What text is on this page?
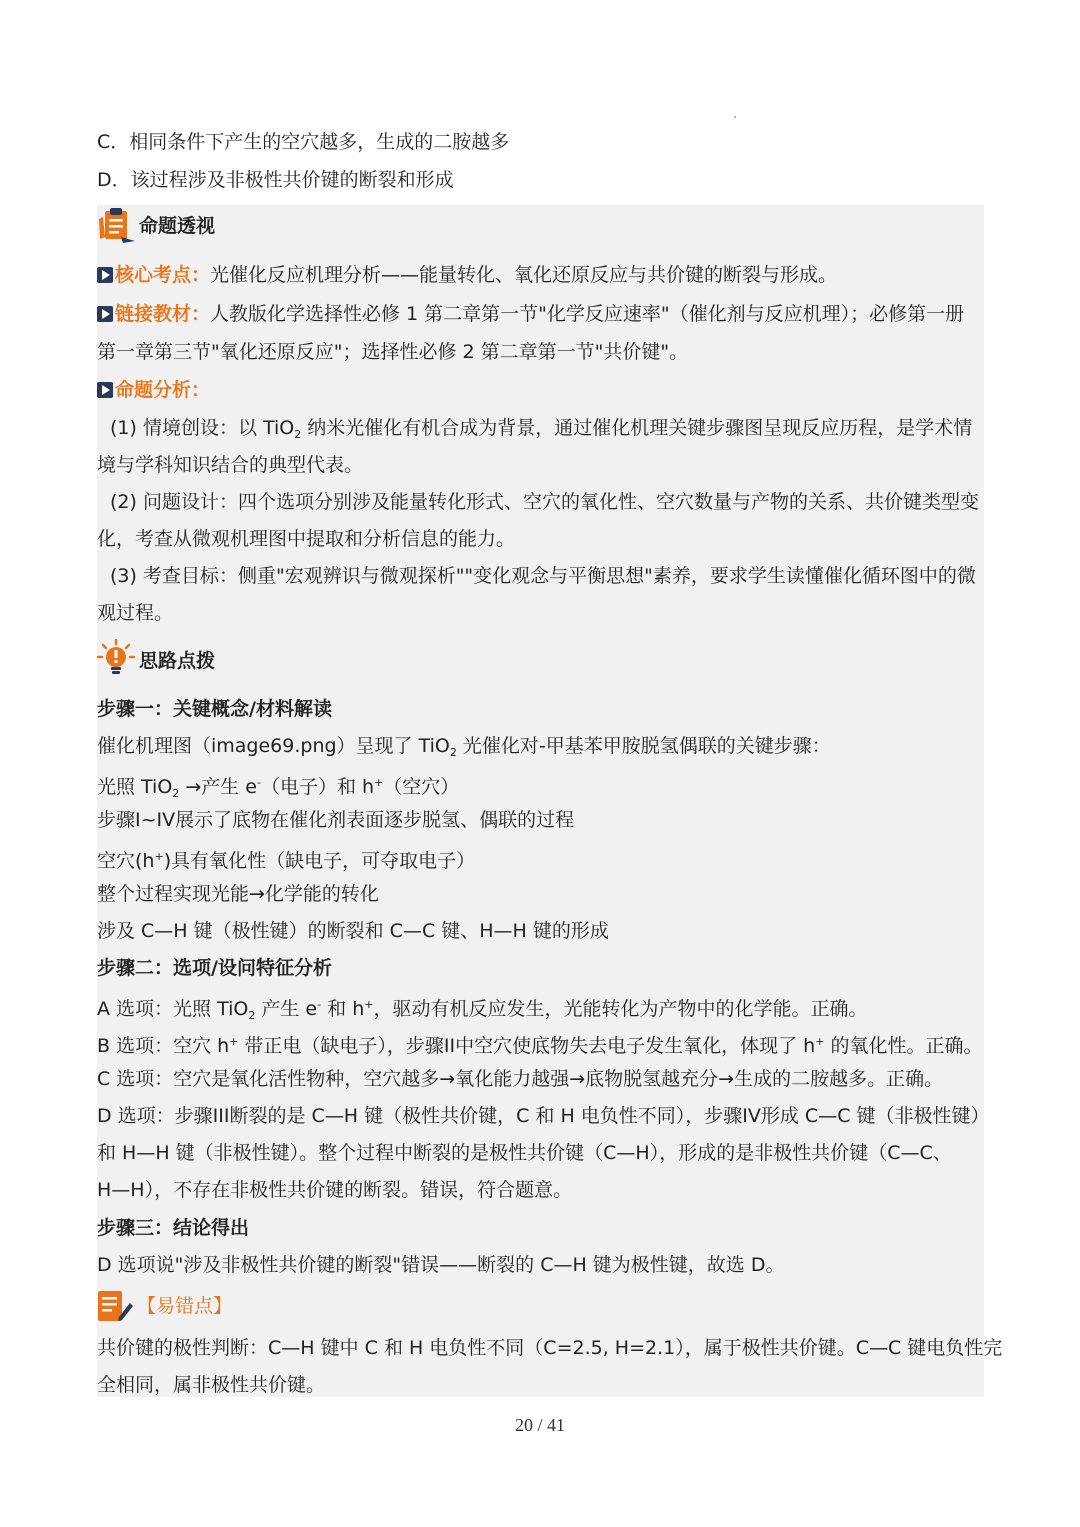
C．相同条件下产生的空穴越多，生成的二胺越多
D．该过程涉及非极性共价键的断裂和形成
命题透视
核心考点：光催化反应机理分析——能量转化、氧化还原反应与共价键的断裂与形成。
链接教材：人教版化学选择性必修 1 第二章第一节"化学反应速率"（催化剂与反应机理）；必修第一册
第一章第三节"氧化还原反应"；选择性必修 2 第二章第一节"共价键"。
命题分析：
(1) 情境创设：以 TiO$_2$ 纳米光催化有机合成为背景，通过催化机理关键步骤图呈现反应历程，是学术情
境与学科知识结合的典型代表。
(2) 问题设计：四个选项分别涉及能量转化形式、空穴的氧化性、空穴数量与产物的关系、共价键类型变
化，考查从微观机理图中提取和分析信息的能力。
(3) 考查目标：侧重"宏观辨识与微观探析""变化观念与平衡思想"素养，要求学生读懂催化循环图中的微
观过程。
思路点拨
步骤一：关键概念/材料解读
催化机理图（image69.png）呈现了 TiO$_2$ 光催化对-甲基苯甲胺脱氢偶联的关键步骤：
光照 TiO$_2$ →产生 e-（电子）和 h+（空穴）
步骤I~IV展示了底物在催化剂表面逐步脱氢、偶联的过程
空穴(h+)具有氧化性（缺电子，可夺取电子）
整个过程实现光能→化学能的转化
涉及 C—H 键（极性键）的断裂和 C—C 键、H—H 键的形成
步骤二：选项/设问特征分析
A 选项：光照 TiO$_2$ 产生 e- 和 h+，驱动有机反应发生，光能转化为产物中的化学能。正确。
B 选项：空穴 h+ 带正电（缺电子），步骤II中空穴使底物失去电子发生氧化，体现了 h+ 的氧化性。正确。
C 选项：空穴是氧化活性物种，空穴越多→氧化能力越强→底物脱氢越充分→生成的二胺越多。正确。
D 选项：步骤III断裂的是 C—H 键（极性共价键，C 和 H 电负性不同），步骤IV形成 C—C 键（非极性键）
和 H—H 键（非极性键）。整个过程中断裂的是极性共价键（C—H），形成的是非极性共价键（C—C、
H—H），不存在非极性共价键的断裂。错误，符合题意。
步骤三：结论得出
D 选项说"涉及非极性共价键的断裂"错误——断裂的 C—H 键为极性键，故选 D。
【易错点】
共价键的极性判断：C—H 键中 C 和 H 电负性不同（C=2.5, H=2.1），属于极性共价键。C—C 键电负性完
全相同，属非极性共价键。
20 / 41
